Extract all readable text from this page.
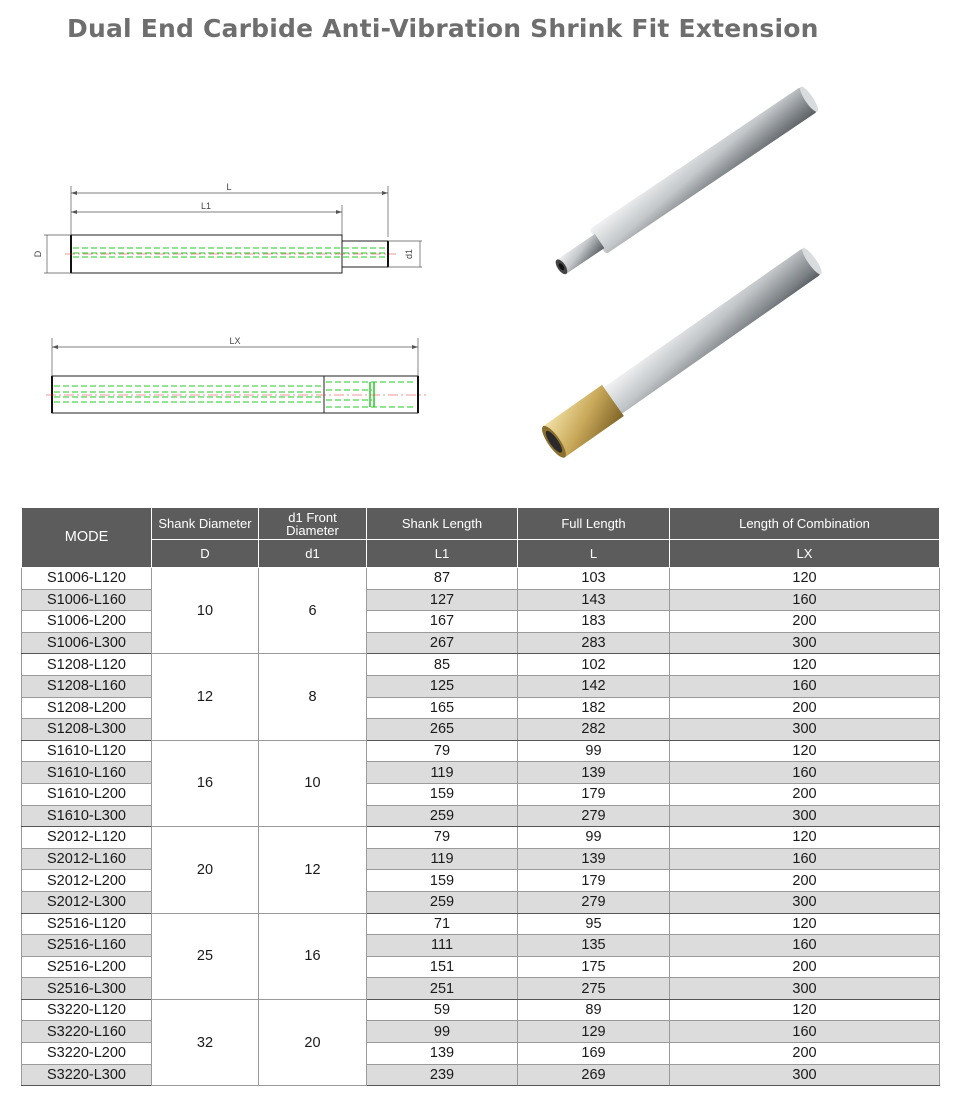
Dual End Carbide Anti-Vibration Shrink Fit Extension
L
L1
D	d1
LX
MODE	Shank Diameter	d1 Front Diameter	Shank Length	Full Length	Length of Combination
	D	d1	L1	L	LX
S1006-L120	10	6	87	103	120
S1006-L160			127	143	160
S1006-L200			167	183	200
S1006-L300			267	283	300
S1208-L120	12	8	85	102	120
S1208-L160			125	142	160
S1208-L200			165	182	200
S1208-L300			265	282	300
S1610-L120	16	10	79	99	120
S1610-L160			119	139	160
S1610-L200			159	179	200
S1610-L300			259	279	300
S2012-L120	20	12	79	99	120
S2012-L160			119	139	160
S2012-L200			159	179	200
S2012-L300			259	279	300
S2516-L120	25	16	71	95	120
S2516-L160			111	135	160
S2516-L200			151	175	200
S2516-L300			251	275	300
S3220-L120	32	20	59	89	120
S3220-L160			99	129	160
S3220-L200			139	169	200
S3220-L300			239	269	300
